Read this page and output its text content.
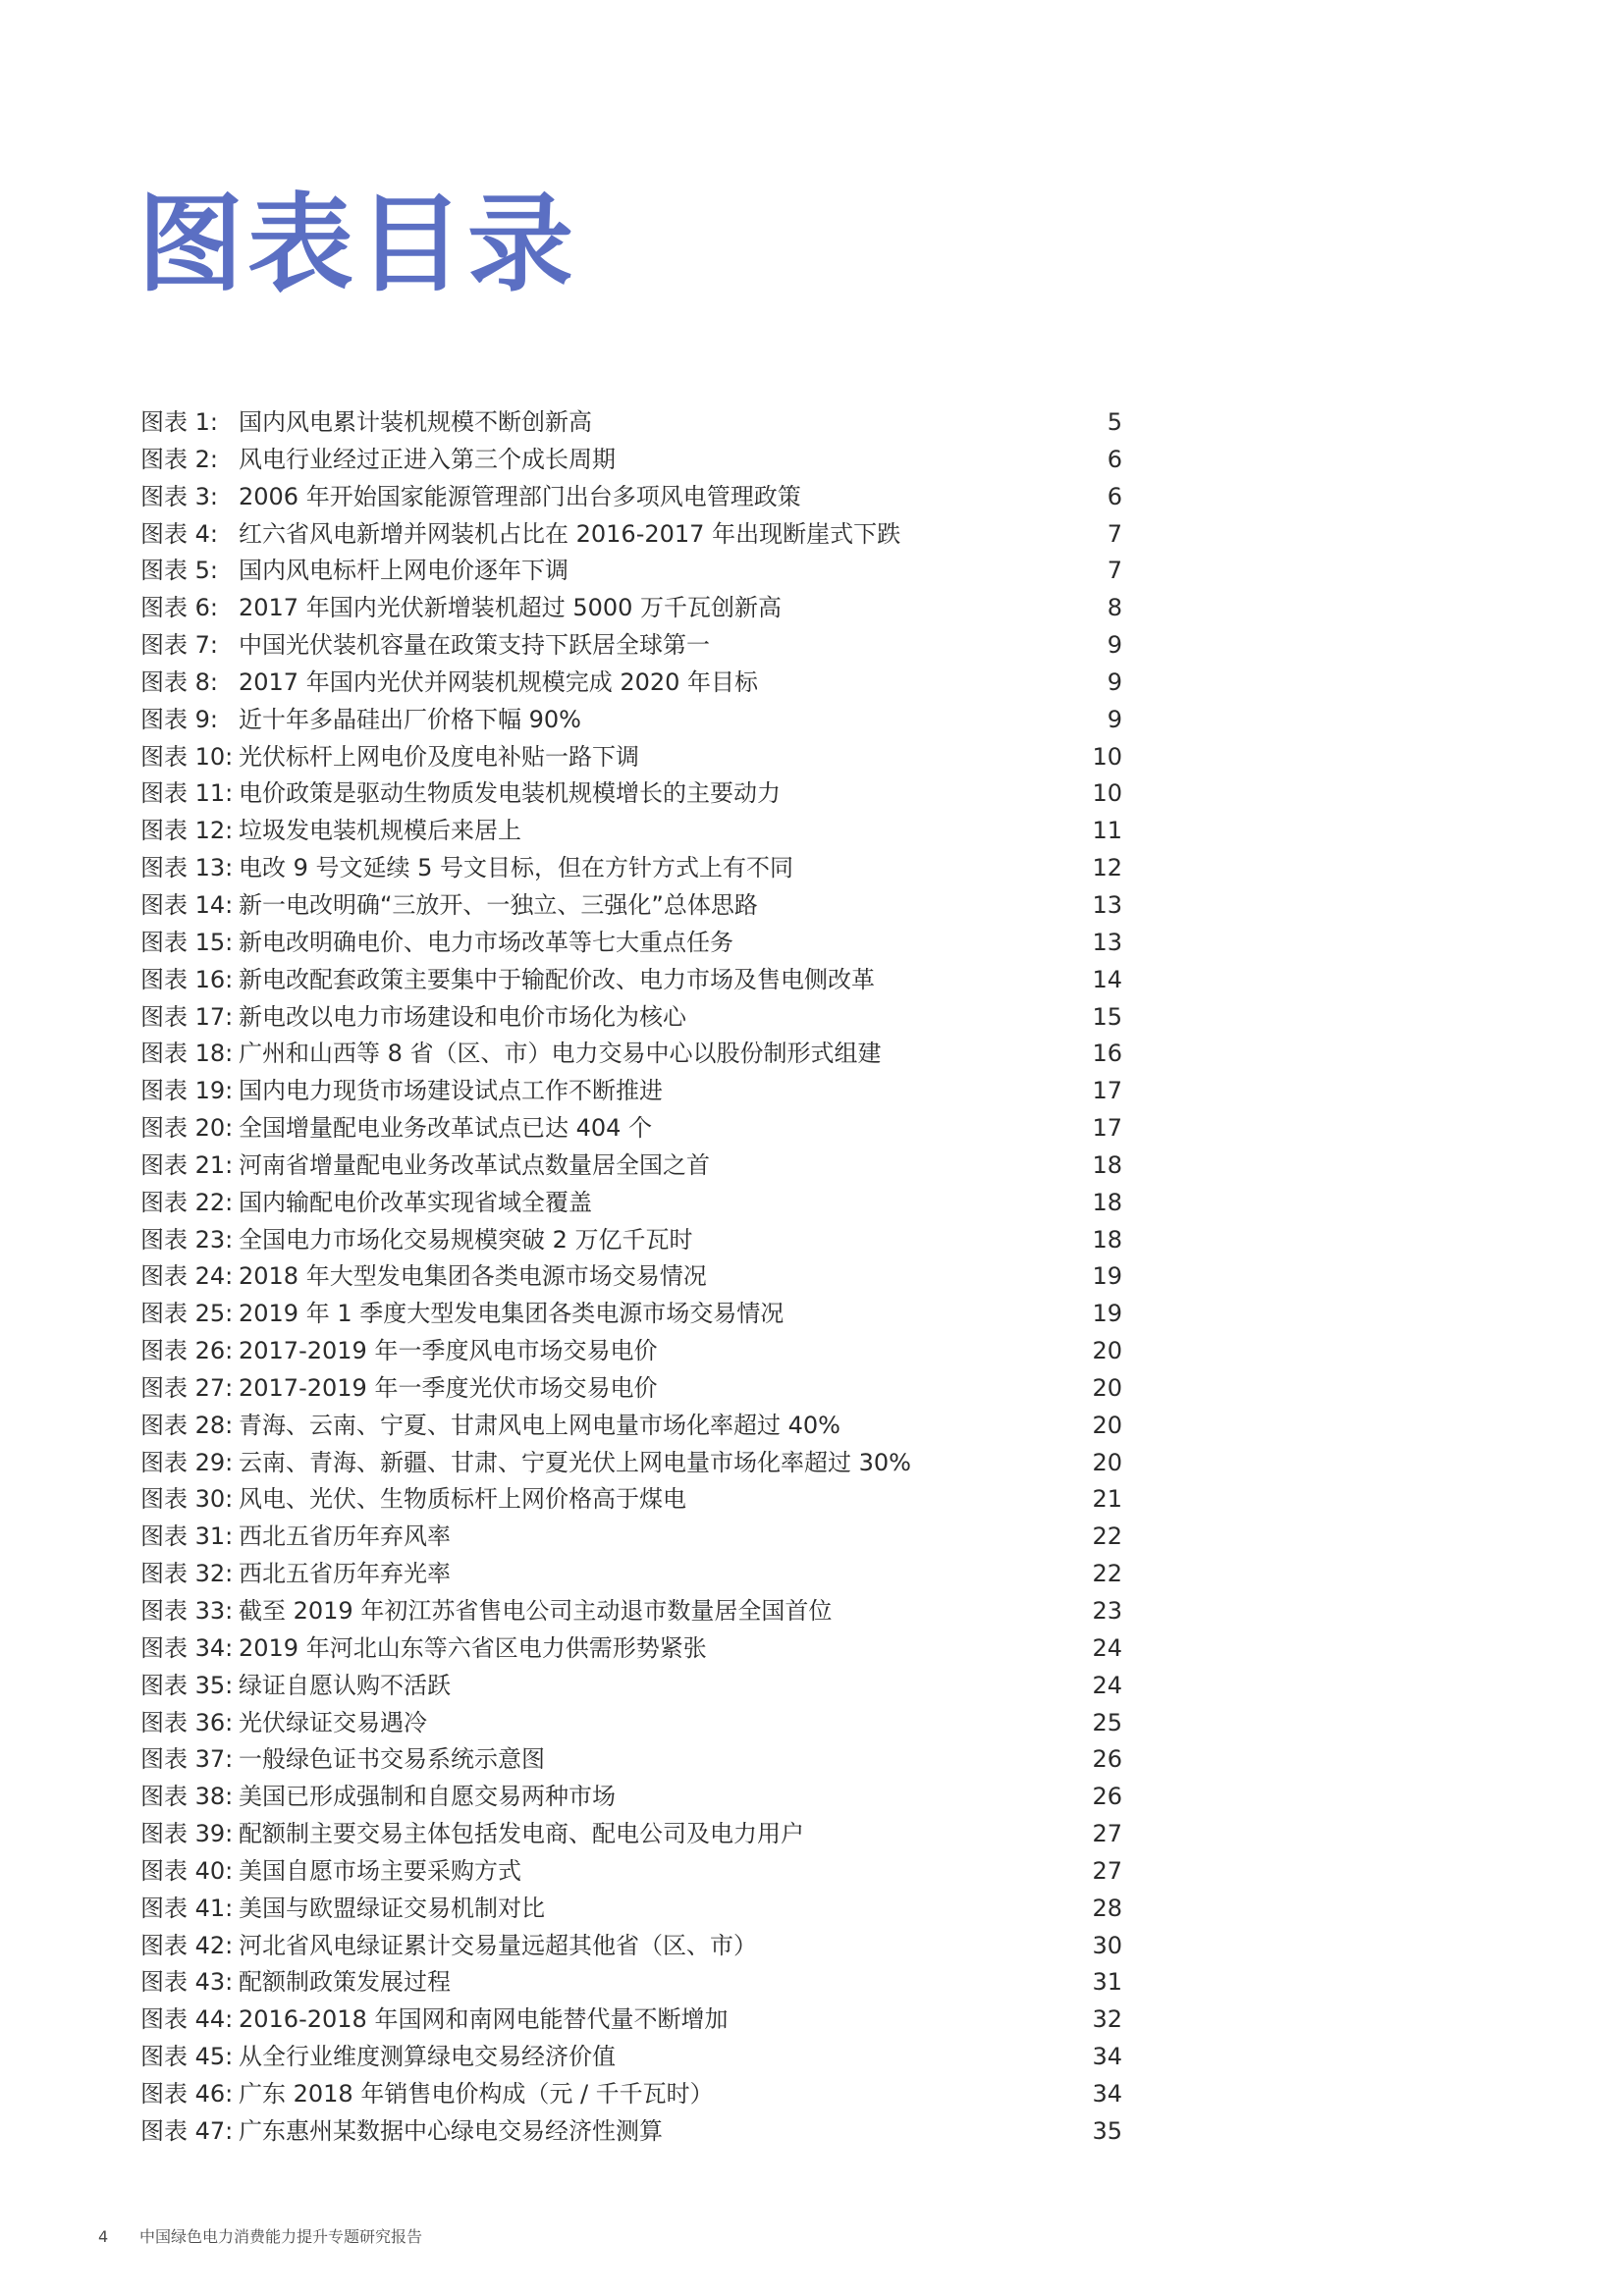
图表目录
图表 1: 国内风电累计装机规模不断创新高	5
图表 2: 风电行业经过正进入第三个成长周期	6
图表 3: 2006 年开始国家能源管理部门出台多项风电管理政策	6
图表 4: 红六省风电新增并网装机占比在 2016-2017 年出现断崖式下跌	7
图表 5: 国内风电标杆上网电价逐年下调	7
图表 6: 2017 年国内光伏新增装机超过 5000 万千瓦创新高	8
图表 7: 中国光伏装机容量在政策支持下跃居全球第一	9
图表 8: 2017 年国内光伏并网装机规模完成 2020 年目标	9
图表 9: 近十年多晶硅出厂价格下幅 90%	9
图表 10: 光伏标杆上网电价及度电补贴一路下调	10
图表 11: 电价政策是驱动生物质发电装机规模增长的主要动力	10
图表 12: 垃圾发电装机规模后来居上	11
图表 13: 电改 9 号文延续 5 号文目标，但在方针方式上有不同	12
图表 14: 新一电改明确“三放开、一独立、三强化”总体思路	13
图表 15: 新电改明确电价、电力市场改革等七大重点任务	13
图表 16: 新电改配套政策主要集中于输配价改、电力市场及售电侧改革	14
图表 17: 新电改以电力市场建设和电价市场化为核心	15
图表 18: 广州和山西等 8 省（区、市）电力交易中心以股份制形式组建	16
图表 19: 国内电力现货市场建设试点工作不断推进	17
图表 20: 全国增量配电业务改革试点已达 404 个	17
图表 21: 河南省增量配电业务改革试点数量居全国之首	18
图表 22: 国内输配电价改革实现省域全覆盖	18
图表 23: 全国电力市场化交易规模突破 2 万亿千瓦时	18
图表 24: 2018 年大型发电集团各类电源市场交易情况	19
图表 25: 2019 年 1 季度大型发电集团各类电源市场交易情况	19
图表 26: 2017-2019 年一季度风电市场交易电价	20
图表 27: 2017-2019 年一季度光伏市场交易电价	20
图表 28: 青海、云南、宁夏、甘肃风电上网电量市场化率超过 40%	20
图表 29: 云南、青海、新疆、甘肃、宁夏光伏上网电量市场化率超过 30%	20
图表 30: 风电、光伏、生物质标杆上网价格高于煤电	21
图表 31: 西北五省历年弃风率	22
图表 32: 西北五省历年弃光率	22
图表 33: 截至 2019 年初江苏省售电公司主动退市数量居全国首位	23
图表 34: 2019 年河北山东等六省区电力供需形势紧张	24
图表 35: 绿证自愿认购不活跃	24
图表 36: 光伏绿证交易遇冷	25
图表 37: 一般绿色证书交易系统示意图	26
图表 38: 美国已形成强制和自愿交易两种市场	26
图表 39: 配额制主要交易主体包括发电商、配电公司及电力用户	27
图表 40: 美国自愿市场主要采购方式	27
图表 41: 美国与欧盟绿证交易机制对比	28
图表 42: 河北省风电绿证累计交易量远超其他省（区、市）	30
图表 43: 配额制政策发展过程	31
图表 44: 2016-2018 年国网和南网电能替代量不断增加	32
图表 45: 从全行业维度测算绿电交易经济价值	34
图表 46: 广东 2018 年销售电价构成（元 / 千千瓦时）	34
图表 47: 广东惠州某数据中心绿电交易经济性测算	35
4 中国绿色电力消费能力提升专题研究报告
